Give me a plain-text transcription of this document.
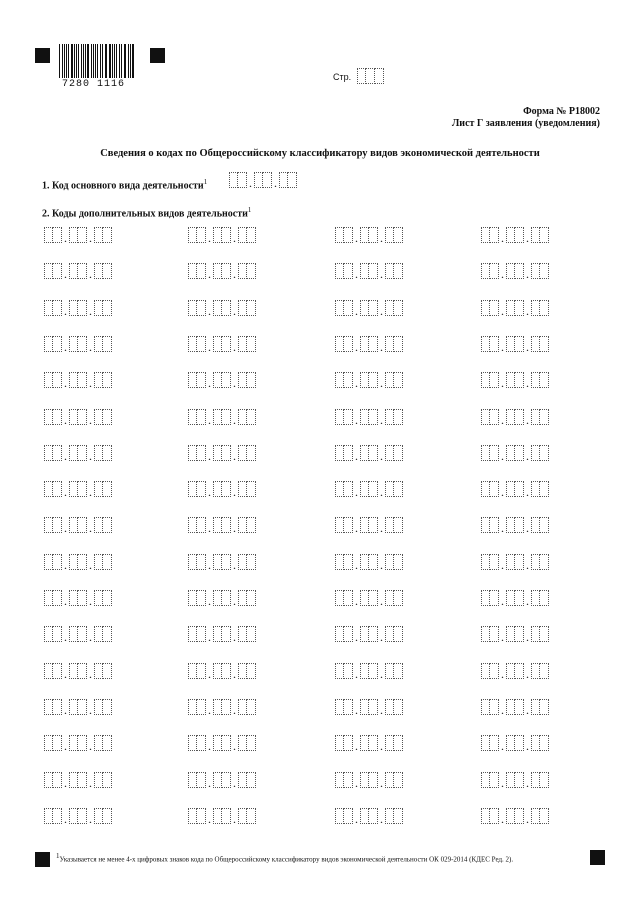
7280 1116
Стр.
Форма № Р18002
Лист Г заявления (уведомления)
Сведения о кодах по Общероссийскому классификатору видов экономической деятельности
1. Код основного вида деятельности$^1$	. .
2. Коды дополнительных видов деятельности$^1$
. .	. .	. .	. .
. .	. .	. .	. .
. .	. .	. .	. .
. .	. .	. .	. .
. .	. .	. .	. .
. .	. .	. .	. .
. .	. .	. .	. .
. .	. .	. .	. .
. .	. .	. .	. .
. .	. .	. .	. .
. .	. .	. .	. .
. .	. .	. .	. .
. .	. .	. .	. .
. .	. .	. .	. .
. .	. .	. .	. .
. .	. .	. .	. .
. .	. .	. .	. .
1Указывается не менее 4-х цифровых знаков кода по Общероссийскому классификатору видов экономической деятельности ОК 029-2014 (КДЕС Ред. 2).
